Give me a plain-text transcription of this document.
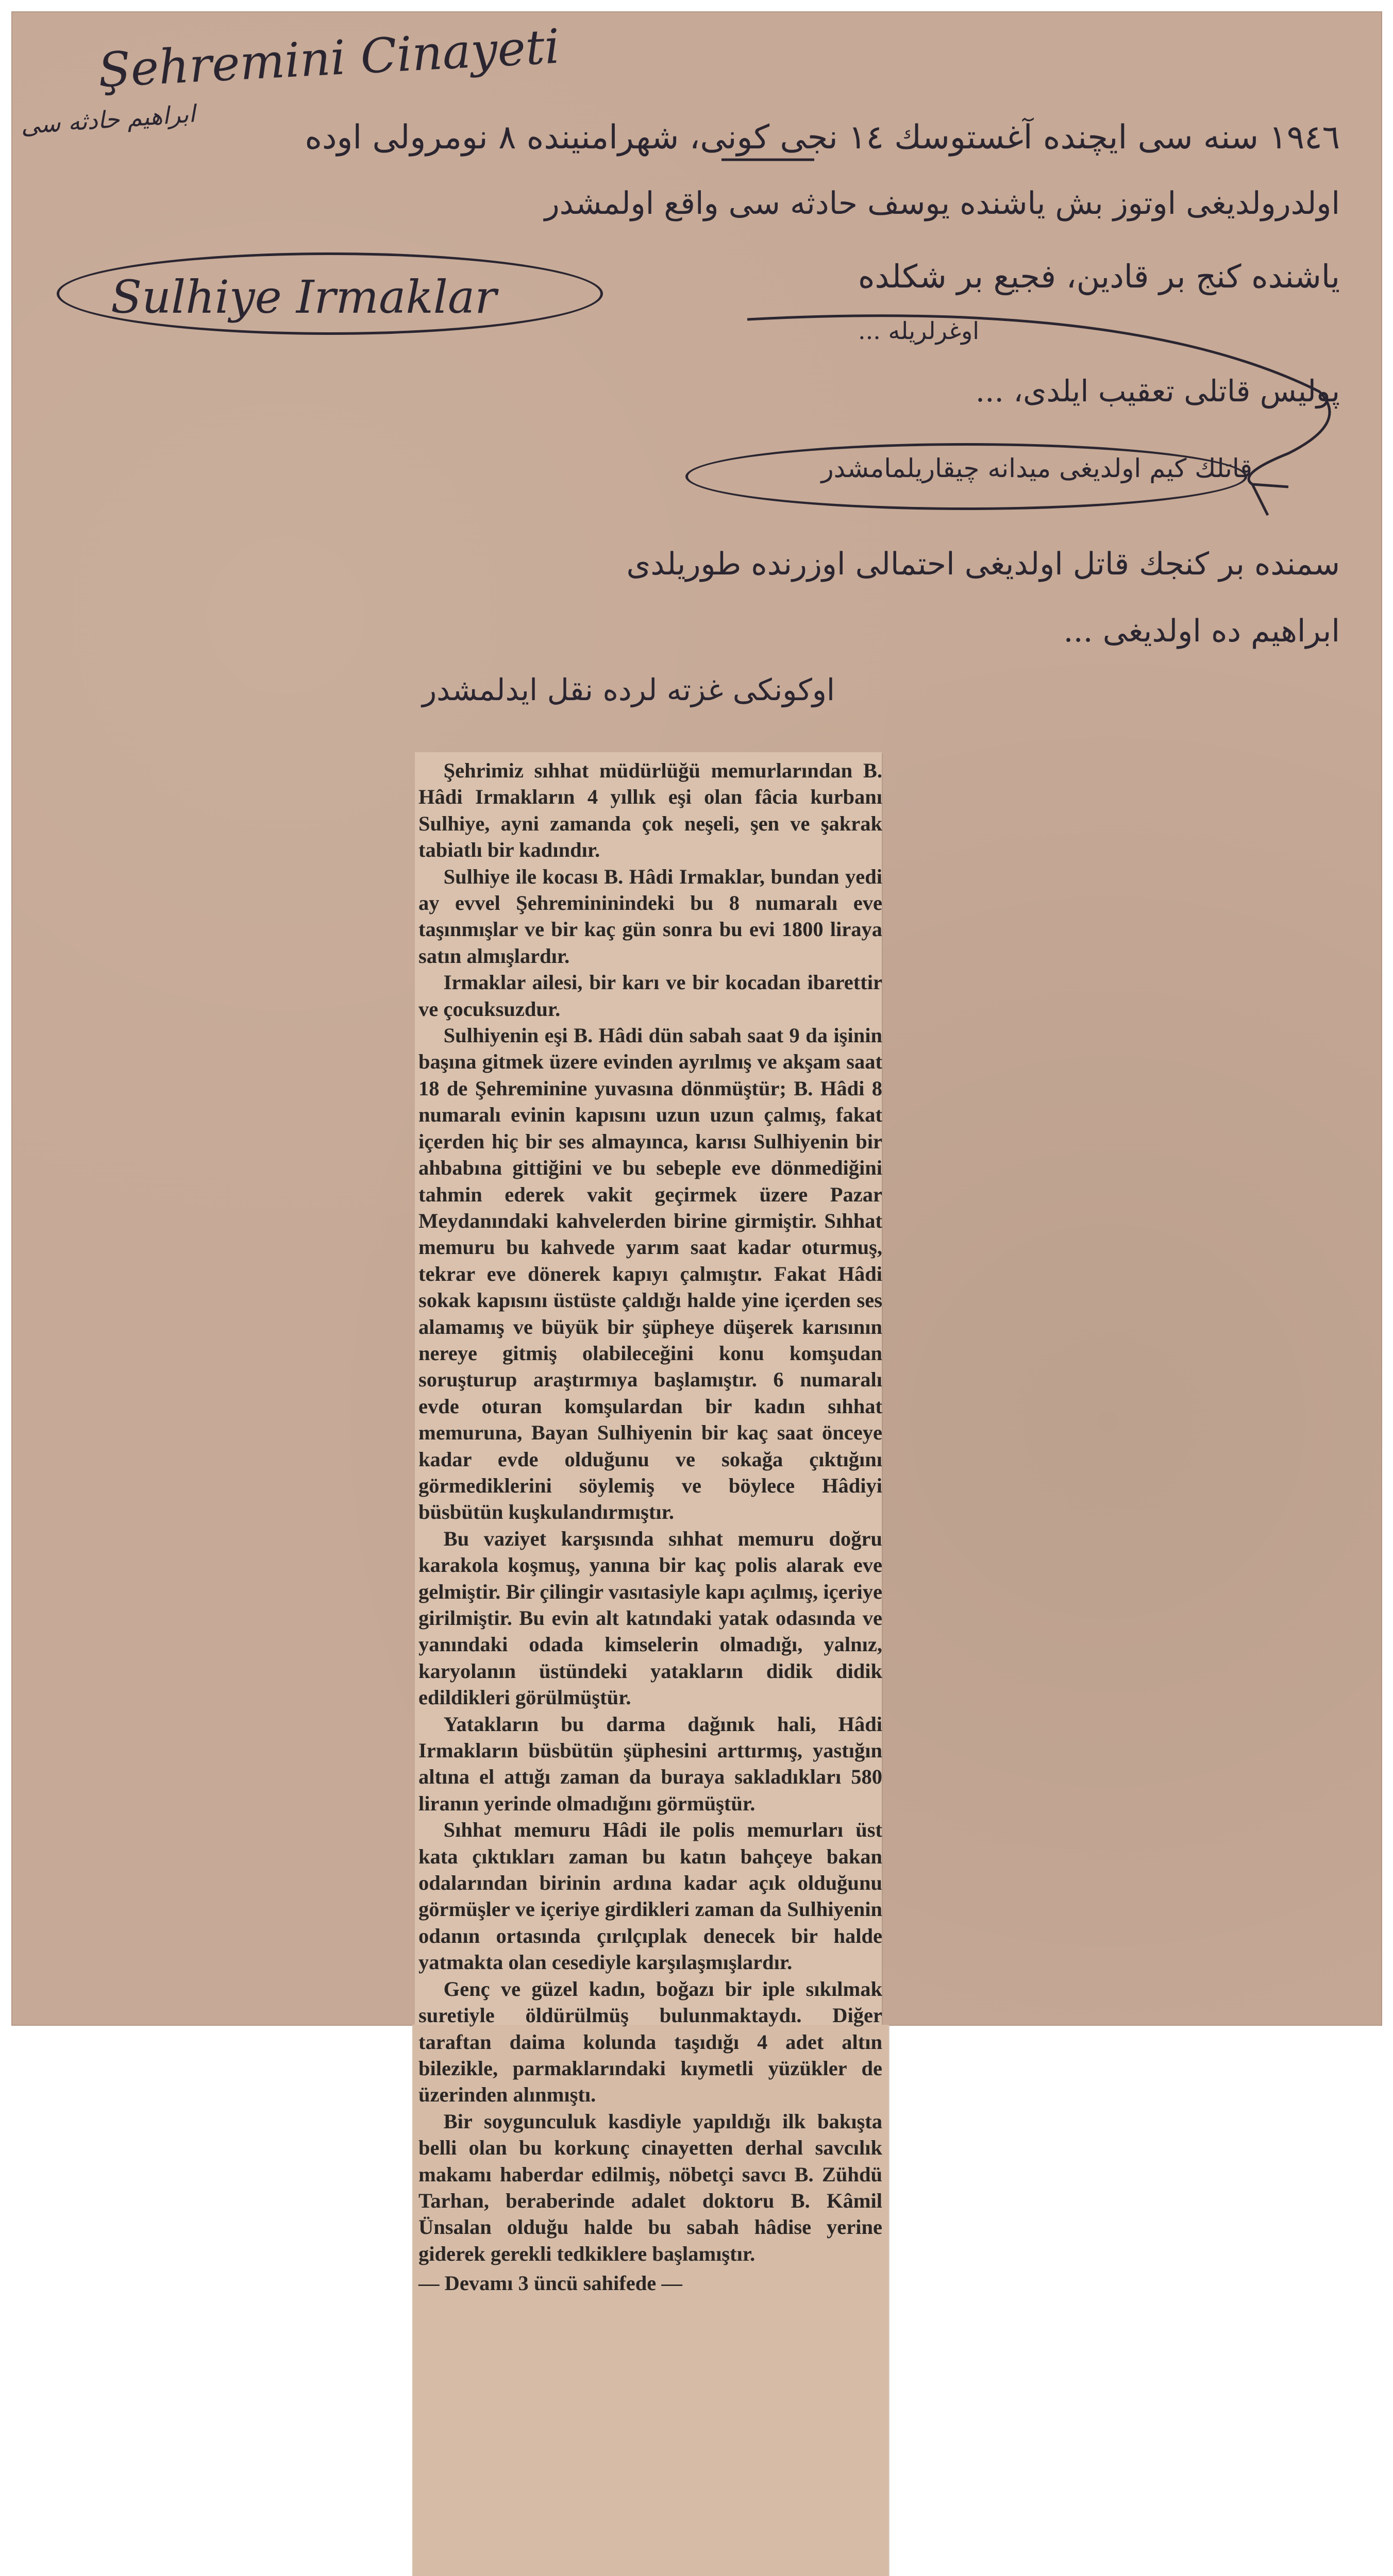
Şehremini Cinayeti
ابراهيم حادثه سى	١٩٤٦ سنه سى ايچنده آغستوسك ١٤ نجى كونى، شهرامنينده ٨ نومرولى اوده
اولدرولديغى اوتوز بش ياشنده يوسف حادثه سى واقع اولمشدر
ياشنده كنج بر قادين، فجيع بر شكلده
اوغرلريله ...
پوليس قاتلى تعقيب ايلدى، ...
قاتلك كيم اولديغى ميدانه چيقاريلمامشدر
سمنده بر كنجك قاتل اولديغى احتمالى اوزرنده طوريلدى
ابراهيم ده اولديغى ...
اوكونكى غزته لرده نقل ايدلمشدر
Sulhiye Irmaklar

Şehrimiz sıhhat müdürlüğü memurlarından B. Hâdi Irmakların 4 yıllık eşi olan fâcia kurbanı Sulhiye, ayni zamanda çok neşeli, şen ve şakrak tabiatlı bir kadındır.

Sulhiye ile kocası B. Hâdi Irmaklar, bundan yedi ay evvel Şehremininindeki bu 8 numaralı eve taşınmışlar ve bir kaç gün sonra bu evi 1800 liraya satın almışlardır.

Irmaklar ailesi, bir karı ve bir kocadan ibarettir ve çocuksuzdur.

Sulhiyenin eşi B. Hâdi dün sabah saat 9 da işinin başına gitmek üzere evinden ayrılmış ve akşam saat 18 de Şehreminine yuvasına dönmüştür; B. Hâdi 8 numaralı evinin kapısını uzun uzun çalmış, fakat içerden hiç bir ses almayınca, karısı Sulhiyenin bir ahbabına gittiğini ve bu sebeple eve dönmediğini tahmin ederek vakit geçirmek üzere Pazar Meydanındaki kahvelerden birine girmiştir. Sıhhat memuru bu kahvede yarım saat kadar oturmuş, tekrar eve dönerek kapıyı çalmıştır. Fakat Hâdi sokak kapısını üstüste çaldığı halde yine içerden ses alamamış ve büyük bir şüpheye düşerek karısının nereye gitmiş olabileceğini konu komşudan soruşturup araştırmıya başlamıştır. 6 numaralı evde oturan komşulardan bir kadın sıhhat memuruna, Bayan Sulhiyenin bir kaç saat önceye kadar evde olduğunu ve sokağa çıktığını görmediklerini söylemiş ve böylece Hâdiyi büsbütün kuşkulandırmıştır.

Bu vaziyet karşısında sıhhat memuru doğru karakola koşmuş, yanına bir kaç polis alarak eve gelmiştir. Bir çilingir vasıtasiyle kapı açılmış, içeriye girilmiştir. Bu evin alt katındaki yatak odasında ve yanındaki odada kimselerin olmadığı, yalnız, karyolanın üstündeki yatakların didik didik edildikleri görülmüştür.

Yatakların bu darma dağınık hali, Hâdi Irmakların büsbütün şüphesini arttırmış, yastığın altına el attığı zaman da buraya sakladıkları 580 liranın yerinde olmadığını görmüştür.

Sıhhat memuru Hâdi ile polis memurları üst kata çıktıkları zaman bu katın bahçeye bakan odalarından birinin ardına kadar açık olduğunu görmüşler ve içeriye girdikleri zaman da Sulhiyenin odanın ortasında çırılçıplak denecek bir halde yatmakta olan cesediyle karşılaşmışlardır.

Genç ve güzel kadın, boğazı bir iple sıkılmak suretiyle öldürülmüş bulunmaktaydı. Diğer taraftan daima kolunda taşıdığı 4 adet altın bilezikle, parmaklarındaki kıymetli yüzükler de üzerinden alınmıştı.

Bir soygunculuk kasdiyle yapıldığı ilk bakışta belli olan bu korkunç cinayetten derhal savcılık makamı haberdar edilmiş, nöbetçi savcı B. Zühdü Tarhan, beraberinde adalet doktoru B. Kâmil Ünsalan olduğu halde bu sabah hâdise yerine giderek gerekli tedkiklere başlamıştır.

— Devamı 3 üncü sahifede —
